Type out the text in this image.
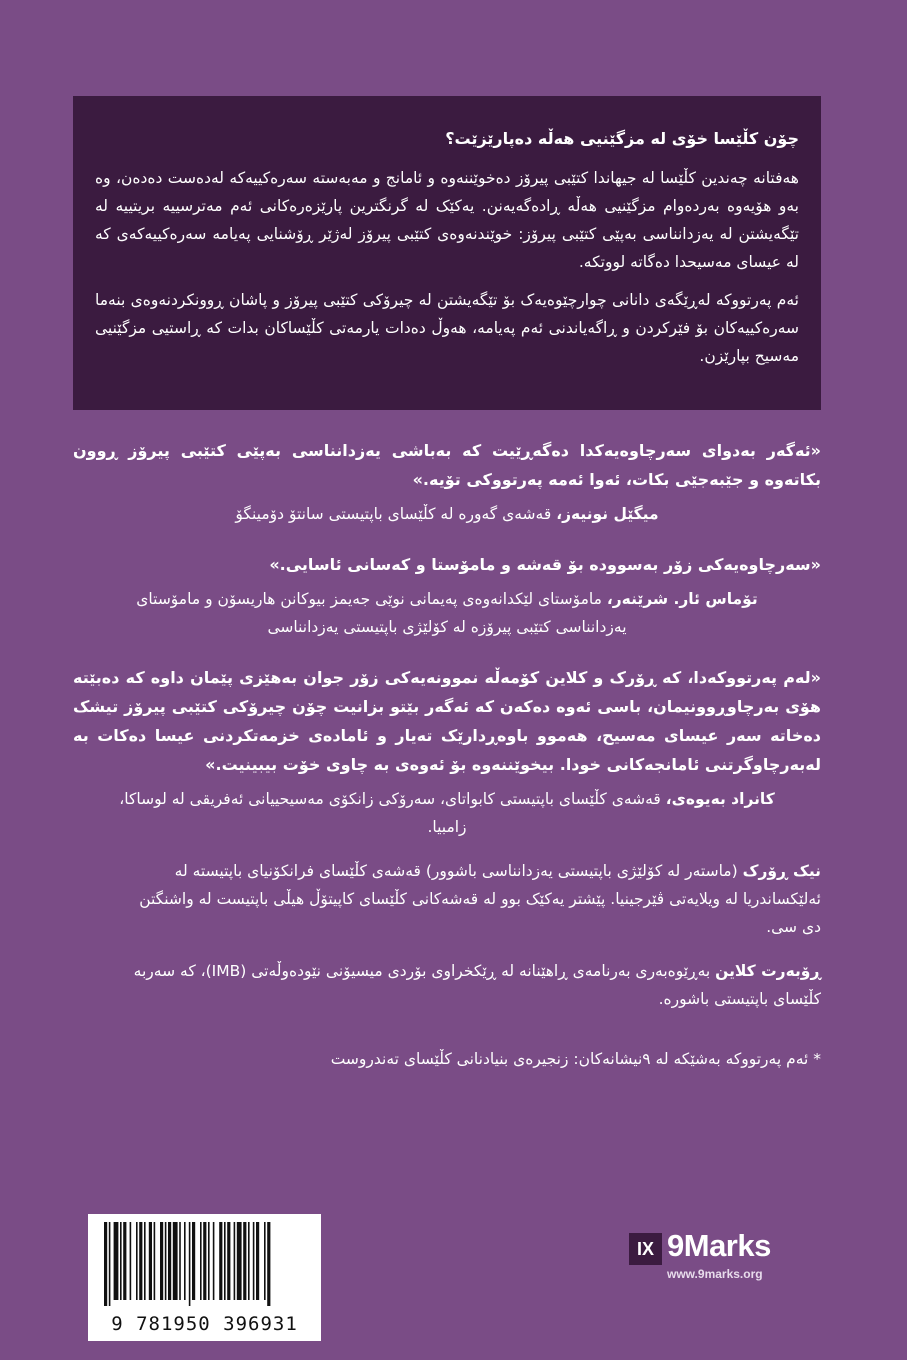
چۆن کڵێسا خۆی لە مزگێنیی هەڵە دەپارێزێت؟

هەفتانە چەندین کڵێسا لە جیهاندا کتێبی پیرۆز دەخوێننەوە و ئامانج و مەبەستە سەرەکییەکە لەدەست دەدەن، وە بەو هۆیەوە بەردەوام مزگێنیی هەڵە ڕادەگەیەنن. یەکێک لە گرنگترین پارێزەرەکانی ئەم مەترسییە بریتییە لە تێگەیشتن لە یەزدانناسی بەپێی کتێبی پیرۆز: خوێندنەوەی کتێبی پیرۆز لەژێر ڕۆشنایی پەیامە سەرەکییەکەی کە لە عیسای مەسیحدا دەگاتە لووتکە.

ئەم پەرتووکە لەڕێگەی دانانی چوارچێوەیەک بۆ تێگەیشتن لە چیرۆکی کتێبی پیرۆز و پاشان ڕوونکردنەوەی بنەما سەرەکییەکان بۆ فێرکردن و ڕاگەیاندنی ئەم پەیامە، هەوڵ دەدات یارمەتی کڵێساکان بدات کە ڕاستیی مزگێنیی مەسیح بپارێزن.

«ئەگەر بەدوای سەرچاوەیەکدا دەگەڕێیت کە بەباشی یەزدانناسی بەپێی کتێبی پیرۆز ڕوون بکاتەوە و جێبەجێی بکات، ئەوا ئەمە پەرتووکی تۆیە.»

میگێل نونیەز، قەشەی گەورە لە کڵێسای باپتیستی سانتۆ دۆمینگۆ

«سەرچاوەیەکی زۆر بەسوودە بۆ قەشە و مامۆستا و کەسانی ئاسایی.»

تۆماس ئار. شرێنەر، مامۆستای لێکدانەوەی پەیمانی نوێی جەیمز بیوکانن هاریسۆن و مامۆستای یەزدانناسی کتێبی پیرۆزە لە کۆلێژی باپتیستی یەزدانناسی

«لەم پەرتووکەدا، کە ڕۆرک و کلاین کۆمەڵە نموونەیەکی زۆر جوان بەهێزی پێمان داوە کە دەبێتە هۆی بەرچاوڕوونیمان، باسی ئەوە دەکەن کە ئەگەر بێتو بزانیت چۆن چیرۆکی کتێبی پیرۆز تیشک دەخاتە سەر عیسای مەسیح، هەموو باوەڕدارێک تەیار و ئامادەی خزمەتکردنی عیسا دەکات بە لەبەرچاوگرتنی ئامانجەکانی خودا. بیخوێننەوە بۆ ئەوەی بە چاوی خۆت بیبینیت.»

کانراد بەیوەی، قەشەی کڵێسای باپتیستی کابواتای، سەرۆکی زانکۆی مەسیحییانی ئەفریقی لە لوساکا، زامبیا.

نیک ڕۆرک (ماستەر لە کۆلێژی باپتیستی یەزدانناسی باشوور) قەشەی کڵێسای فرانکۆنیای باپتیستە لە ئەلێکساندریا لە ویلایەتی ڤێرجینیا. پێشتر یەکێک بوو لە قەشەکانی کڵێسای کاپیتۆڵ هیڵی باپتیست لە واشنگتن دی سی.

ڕۆبەرت کلاین بەڕێوەبەری بەرنامەی ڕاهێنانە لە ڕێکخراوی بۆردی میسیۆنی نێودەوڵەتی (IMB)، کە سەربە کڵێسای باپتیستی باشورە.

* ئەم پەرتووکە بەشێکە لە ٩نیشانەکان: زنجیرەی بنیادنانی کڵێسای تەندروست

9 781950 396931
IX 9Marks
www.9marks.org
